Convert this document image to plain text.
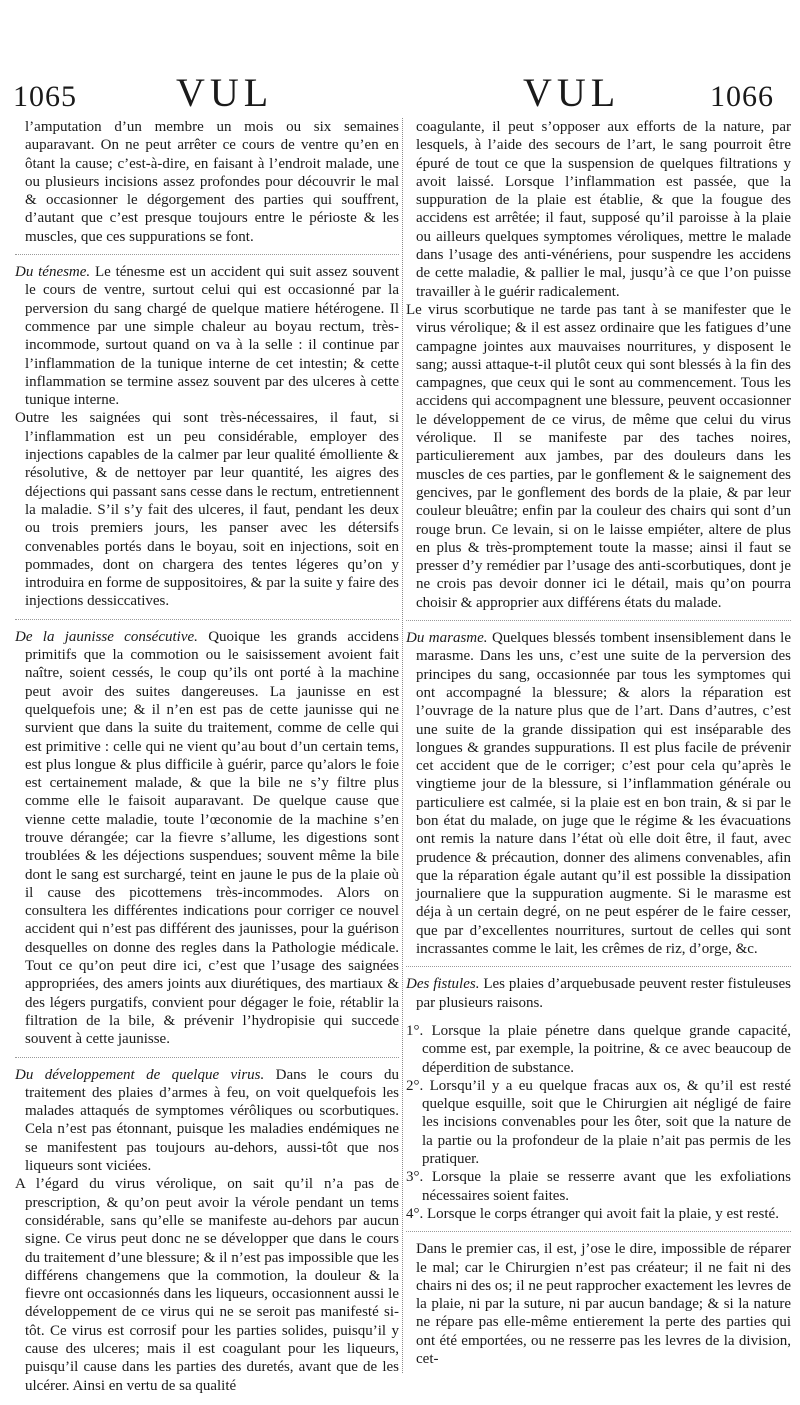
1065 VUL	VUL	1066

l’amputation d’un membre un mois ou six semaines auparavant. On ne peut arrêter ce cours de ventre qu’en en ôtant la cause; c’est-à-dire, en faisant à l’endroit malade, une ou plusieurs incisions assez profondes pour découvrir le mal & occasionner le dégorgement des parties qui souffrent, d’autant que c’est presque toujours entre le périoste & les muscles, que ces suppurations se font.

Du ténesme. Le ténesme est un accident qui suit assez souvent le cours de ventre, surtout celui qui est occasionné par la perversion du sang chargé de quelque matiere hétérogene. Il commence par une simple chaleur au boyau rectum, très-incommode, surtout quand on va à la selle : il continue par l’inflammation de la tunique interne de cet intestin; & cette inflammation se termine assez souvent par des ulceres à cette tunique interne.

Outre les saignées qui sont très-nécessaires, il faut, si l’inflammation est un peu considérable, employer des injections capables de la calmer par leur qualité émolliente & résolutive, & de nettoyer par leur quantité, les aigres des déjections qui passant sans cesse dans le rectum, entretiennent la maladie. S’il s’y fait des ulceres, il faut, pendant les deux ou trois premiers jours, les panser avec les détersifs convenables portés dans le boyau, soit en injections, soit en pommades, dont on chargera des tentes légeres qu’on y introduira en forme de suppositoires, & par la suite y faire des injections dessiccatives.

De la jaunisse consécutive. Quoique les grands accidens primitifs que la commotion ou le saisissement avoient fait naître, soient cessés, le coup qu’ils ont porté à la machine peut avoir des suites dangereuses. La jaunisse en est quelquefois une; & il n’en est pas de cette jaunisse qui ne survient que dans la suite du traitement, comme de celle qui est primitive : celle qui ne vient qu’au bout d’un certain tems, est plus longue & plus difficile à guérir, parce qu’alors le foie est certainement malade, & que la bile ne s’y filtre plus comme elle le faisoit auparavant. De quelque cause que vienne cette maladie, toute l’œconomie de la machine s’en trouve dérangée; car la fievre s’allume, les digestions sont troublées & les déjections suspendues; souvent même la bile dont le sang est surchargé, teint en jaune le pus de la plaie où il cause des picottemens très-incommodes. Alors on consultera les différentes indications pour corriger ce nouvel accident qui n’est pas différent des jaunisses, pour la guérison desquelles on donne des regles dans la Pathologie médicale. Tout ce qu’on peut dire ici, c’est que l’usage des saignées appropriées, des amers joints aux diurétiques, des martiaux & des légers purgatifs, convient pour dégager le foie, rétablir la filtration de la bile, & prévenir l’hydropisie qui succede souvent à cette jaunisse.

Du développement de quelque virus. Dans le cours du traitement des plaies d’armes à feu, on voit quelquefois les malades attaqués de symptomes vérôliques ou scorbutiques. Cela n’est pas étonnant, puisque les maladies endémiques ne se manifestent pas toujours au-dehors, aussi-tôt que nos liqueurs sont viciées.

A l’égard du virus vérolique, on sait qu’il n’a pas de prescription, & qu’on peut avoir la vérole pendant un tems considérable, sans qu’elle se manifeste au-dehors par aucun signe. Ce virus peut donc ne se développer que dans le cours du traitement d’une blessure; & il n’est pas impossible que les différens changemens que la commotion, la douleur & la fievre ont occasionnés dans les liqueurs, occasionnent aussi le développement de ce virus qui ne se seroit pas manifesté si-tôt. Ce virus est corrosif pour les parties solides, puisqu’il y cause des ulceres; mais il est coagulant pour les liqueurs, puisqu’il cause dans les parties des duretés, avant que de les ulcérer. Ainsi en vertu de sa qualité

coagulante, il peut s’opposer aux efforts de la nature, par lesquels, à l’aide des secours de l’art, le sang pourroit être épuré de tout ce que la suspension de quelques filtrations y avoit laissé. Lorsque l’inflammation est passée, que la suppuration de la plaie est établie, & que la fougue des accidens est arrêtée; il faut, supposé qu’il paroisse à la plaie ou ailleurs quelques symptomes véroliques, mettre le malade dans l’usage des anti-vénériens, pour suspendre les accidens de cette maladie, & pallier le mal, jusqu’à ce que l’on puisse travailler à le guérir radicalement.

Le virus scorbutique ne tarde pas tant à se manifester que le virus vérolique; & il est assez ordinaire que les fatigues d’une campagne jointes aux mauvaises nourritures, y disposent le sang; aussi attaque-t-il plutôt ceux qui sont blessés à la fin des campagnes, que ceux qui le sont au commencement. Tous les accidens qui accompagnent une blessure, peuvent occasionner le développement de ce virus, de même que celui du virus vérolique. Il se manifeste par des taches noires, particulierement aux jambes, par des douleurs dans les muscles de ces parties, par le gonflement & le saignement des gencives, par le gonflement des bords de la plaie, & par leur couleur bleuâtre; enfin par la couleur des chairs qui sont d’un rouge brun. Ce levain, si on le laisse empiéter, altere de plus en plus & très-promptement toute la masse; ainsi il faut se presser d’y remédier par l’usage des anti-scorbutiques, dont je ne crois pas devoir donner ici le détail, mais qu’on pourra choisir & approprier aux différens états du malade.

Du marasme. Quelques blessés tombent insensiblement dans le marasme. Dans les uns, c’est une suite de la perversion des principes du sang, occasionnée par tous les symptomes qui ont accompagné la blessure; & alors la réparation est l’ouvrage de la nature plus que de l’art. Dans d’autres, c’est une suite de la grande dissipation qui est inséparable des longues & grandes suppurations. Il est plus facile de prévenir cet accident que de le corriger; c’est pour cela qu’après le vingtieme jour de la blessure, si l’inflammation générale ou particuliere est calmée, si la plaie est en bon train, & si par le bon état du malade, on juge que le régime & les évacuations ont remis la nature dans l’état où elle doit être, il faut, avec prudence & précaution, donner des alimens convenables, afin que la réparation égale autant qu’il est possible la dissipation journaliere que la suppuration augmente. Si le marasme est déja à un certain degré, on ne peut espérer de le faire cesser, que par d’excellentes nourritures, surtout de celles qui sont incrassantes comme le lait, les crêmes de riz, d’orge, &c.

Des fistules. Les plaies d’arquebusade peuvent rester fistuleuses par plusieurs raisons.

1°. Lorsque la plaie pénetre dans quelque grande capacité, comme est, par exemple, la poitrine, & ce avec beaucoup de déperdition de substance.

2°. Lorsqu’il y a eu quelque fracas aux os, & qu’il est resté quelque esquille, soit que le Chirurgien ait négligé de faire les incisions convenables pour les ôter, soit que la nature de la partie ou la profondeur de la plaie n’ait pas permis de les pratiquer.

3°. Lorsque la plaie se resserre avant que les exfoliations nécessaires soient faites.

4°. Lorsque le corps étranger qui avoit fait la plaie, y est resté.

Dans le premier cas, il est, j’ose le dire, impossible de réparer le mal; car le Chirurgien n’est pas créateur; il ne fait ni des chairs ni des os; il ne peut rapprocher exactement les levres de la plaie, ni par la suture, ni par aucun bandage; & si la nature ne répare pas elle-même entierement la perte des parties qui ont été emportées, ou ne resserre pas les levres de la division, cet-
